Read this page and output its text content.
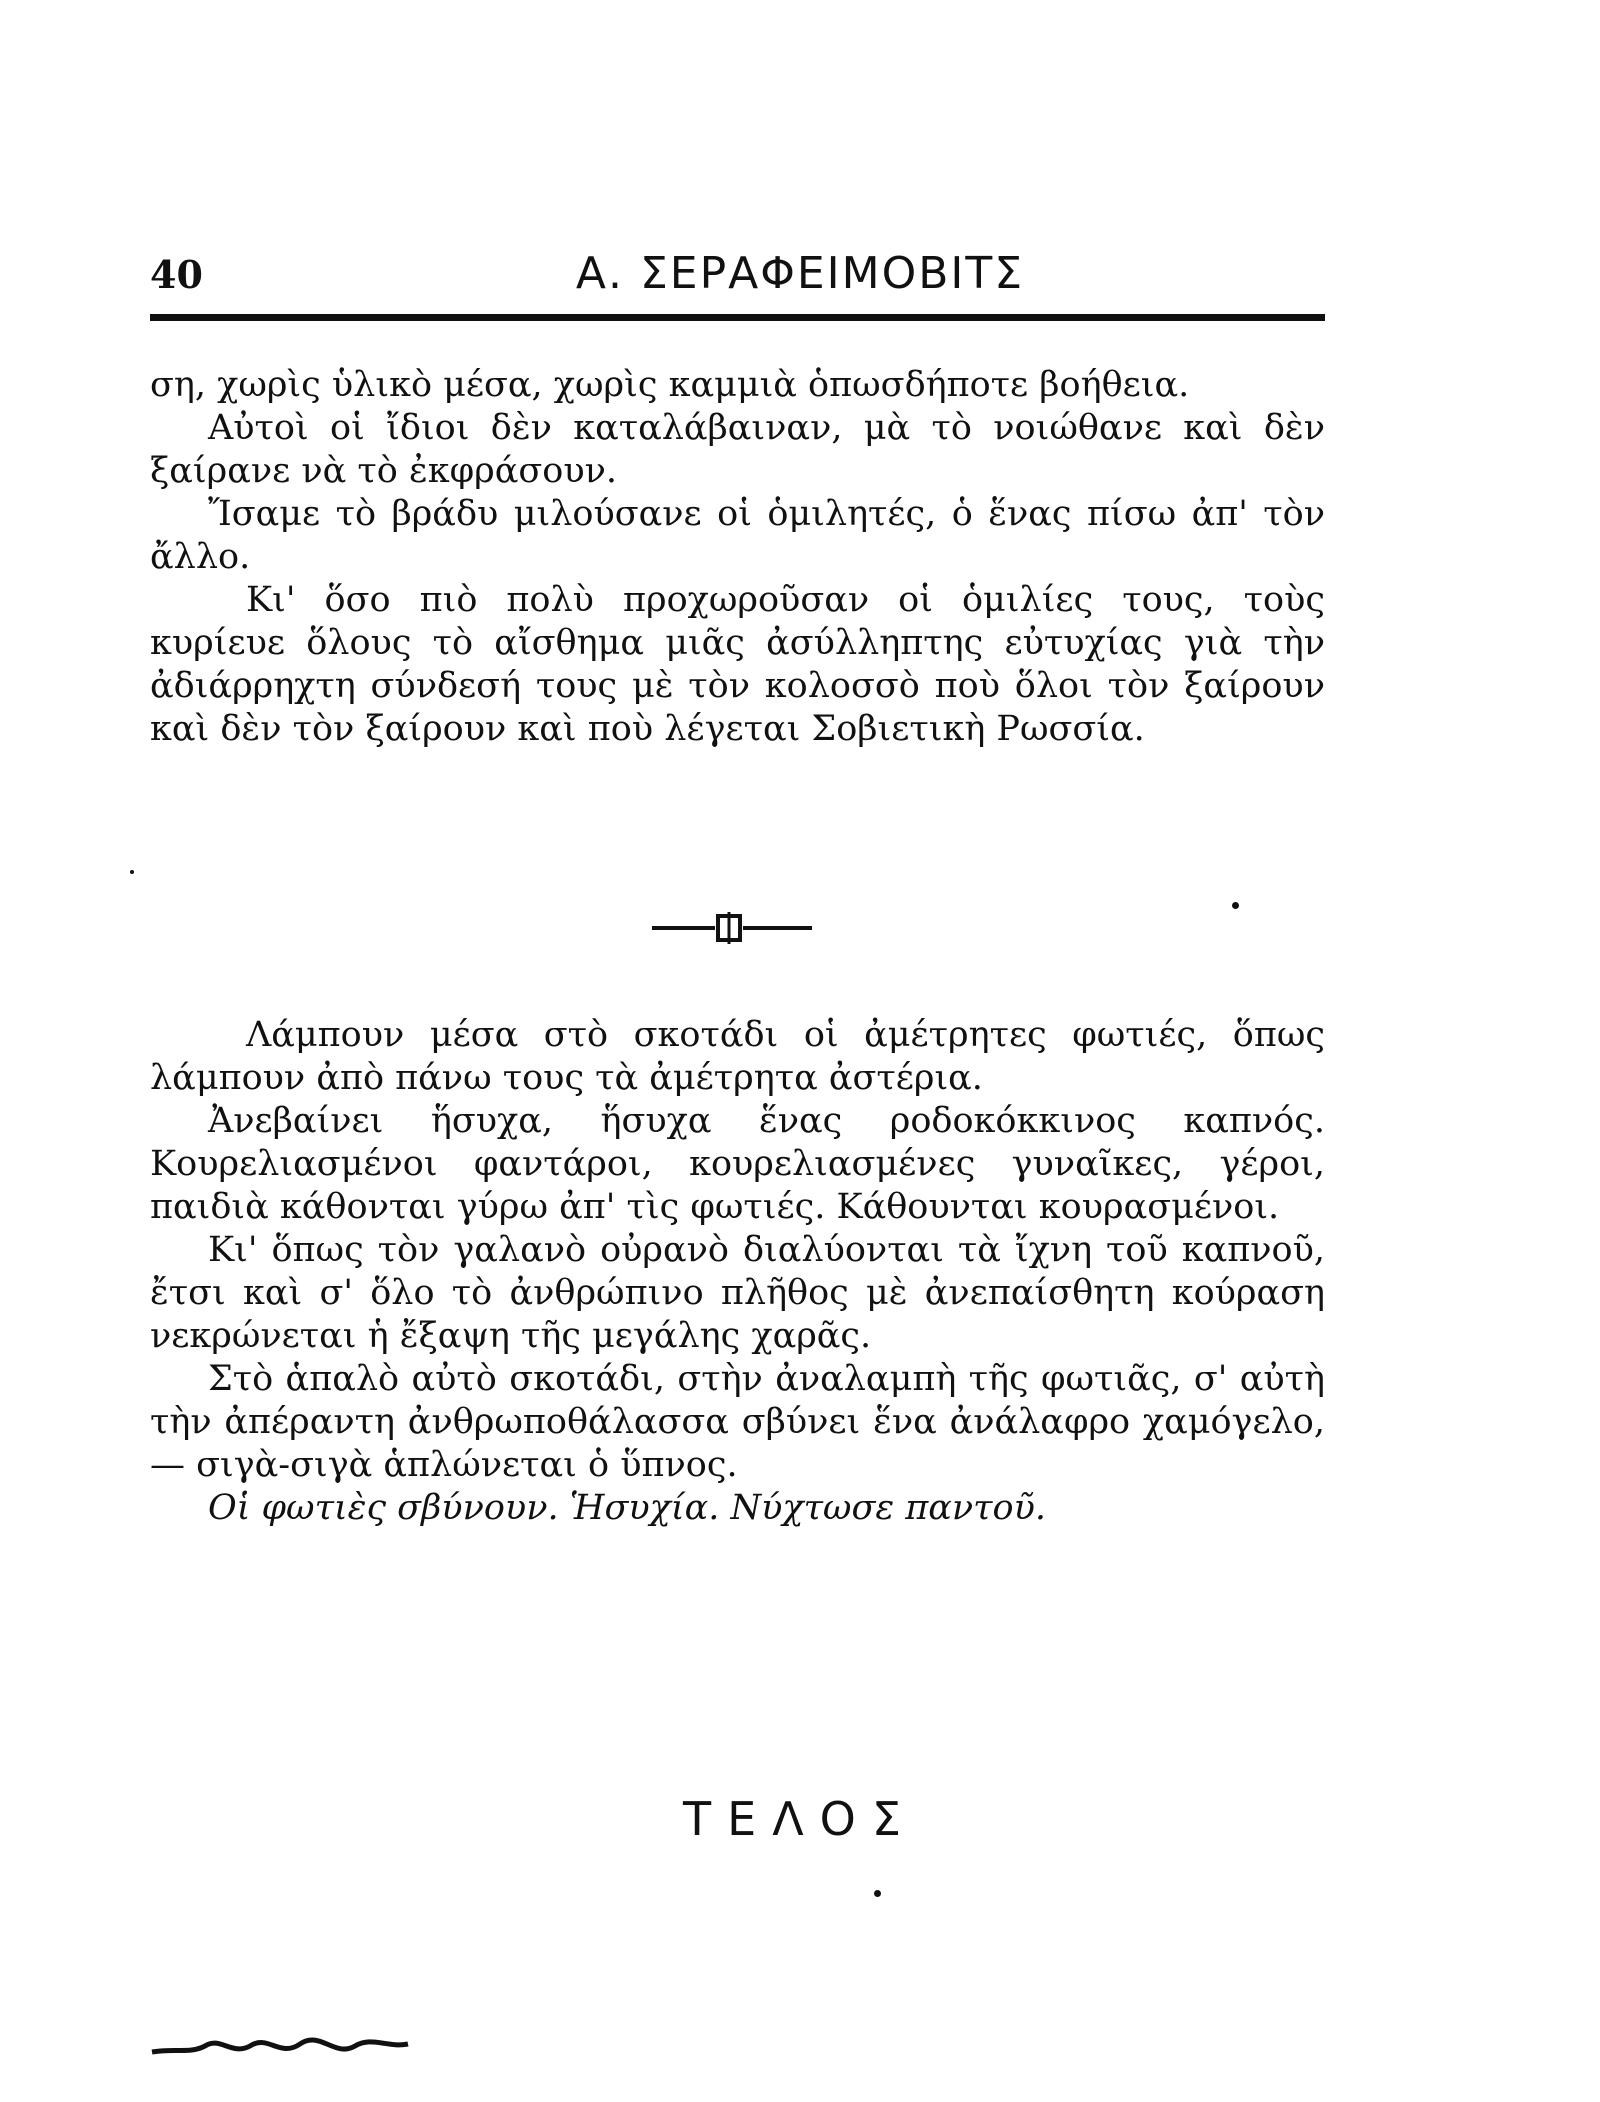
40	Α. ΣΕΡΑΦΕΙΜΟΒΙΤΣ

ση, χωρὶς ὑλικὸ μέσα, χωρὶς καμμιὰ ὁπωσδήποτε βοήθεια.

Αὐτοὶ οἱ ἴδιοι δὲν καταλάβαιναν, μὰ τὸ νοιώθανε καὶ δὲν ξαίρανε νὰ τὸ ἐκφράσουν.

Ἴσαμε τὸ βράδυ μιλούσανε οἱ ὁμιλητές, ὁ ἕνας πίσω ἀπ' τὸν ἄλλο.

Κι' ὅσο πιὸ πολὺ προχωροῦσαν οἱ ὁμιλίες τους, τοὺς κυρίευε ὅλους τὸ αἴσθημα μιᾶς ἀσύλληπτης εὐτυχίας γιὰ τὴν ἀδιάρρηχτη σύνδεσή τους μὲ τὸν κολοσσὸ ποὺ ὅλοι τὸν ξαίρουν καὶ δὲν τὸν ξαίρουν καὶ ποὺ λέγεται Σοβιετικὴ Ρωσσία.

Λάμπουν μέσα στὸ σκοτάδι οἱ ἀμέτρητες φωτιές, ὅπως λάμπουν ἀπὸ πάνω τους τὰ ἀμέτρητα ἀστέρια.

Ἀνεβαίνει ἥσυχα, ἥσυχα ἕνας ροδοκόκκινος καπνός. Κουρελιασμένοι φαντάροι, κουρελιασμένες γυναῖκες, γέροι, παιδιὰ κάθονται γύρω ἀπ' τὶς φωτιές. Κάθουνται κουρασμένοι.

Κι' ὅπως τὸν γαλανὸ οὐρανὸ διαλύονται τὰ ἴχνη τοῦ καπνοῦ, ἔτσι καὶ σ' ὅλο τὸ ἀνθρώπινο πλῆθος μὲ ἀνεπαίσθητη κούραση νεκρώνεται ἡ ἔξαψη τῆς μεγάλης χαρᾶς.

Στὸ ἁπαλὸ αὐτὸ σκοτάδι, στὴν ἀναλαμπὴ τῆς φωτιᾶς, σ' αὐτὴ τὴν ἀπέραντη ἀνθρωποθάλασσα σβύνει ἕνα ἀνάλαφρο χαμόγελο, — σιγὰ-σιγὰ ἁπλώνεται ὁ ὕπνος.

Οἱ φωτιὲς σβύνουν. Ἡσυχία. Νύχτωσε παντοῦ.

ΤΕΛΟΣ
